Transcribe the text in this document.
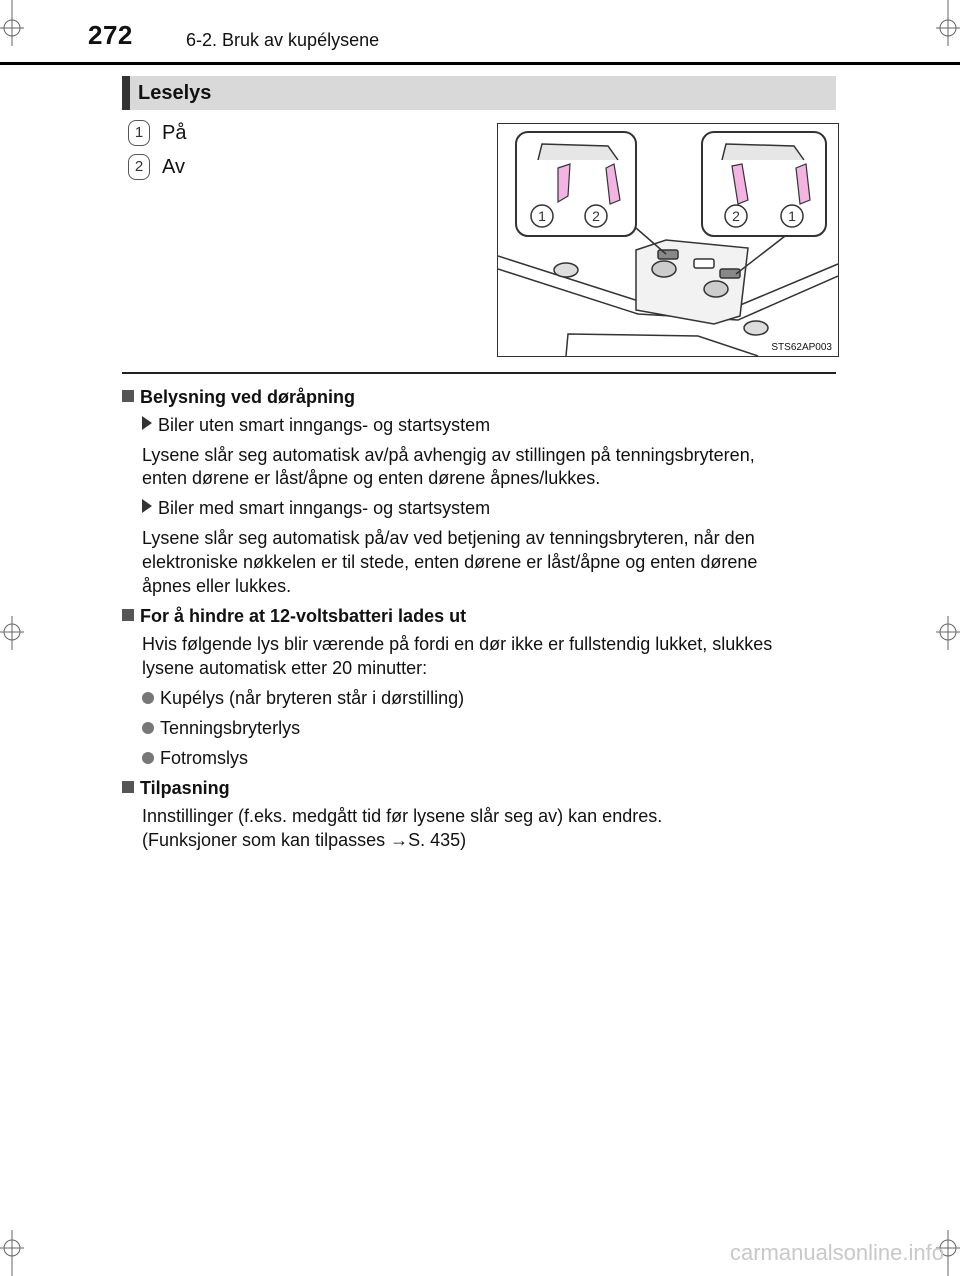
272	6-2. Bruk av kupélysene
Leselys
1 På
2 Av
1	2	2	1
STS62AP003
Belysning ved døråpning
Biler uten smart inngangs- og startsystem
Lysene slår seg automatisk av/på avhengig av stillingen på tenningsbryteren,
enten dørene er låst/åpne og enten dørene åpnes/lukkes.
Biler med smart inngangs- og startsystem
Lysene slår seg automatisk på/av ved betjening av tenningsbryteren, når den
elektroniske nøkkelen er til stede, enten dørene er låst/åpne og enten dørene
åpnes eller lukkes.
For å hindre at 12-voltsbatteri lades ut
Hvis følgende lys blir værende på fordi en dør ikke er fullstendig lukket, slukkes
lysene automatisk etter 20 minutter:
Kupélys (når bryteren står i dørstilling)
Tenningsbryterlys
Fotromslys
Tilpasning
Innstillinger (f.eks. medgått tid før lysene slår seg av) kan endres.
(Funksjoner som kan tilpasses →S. 435)
carmanualsonline.info
